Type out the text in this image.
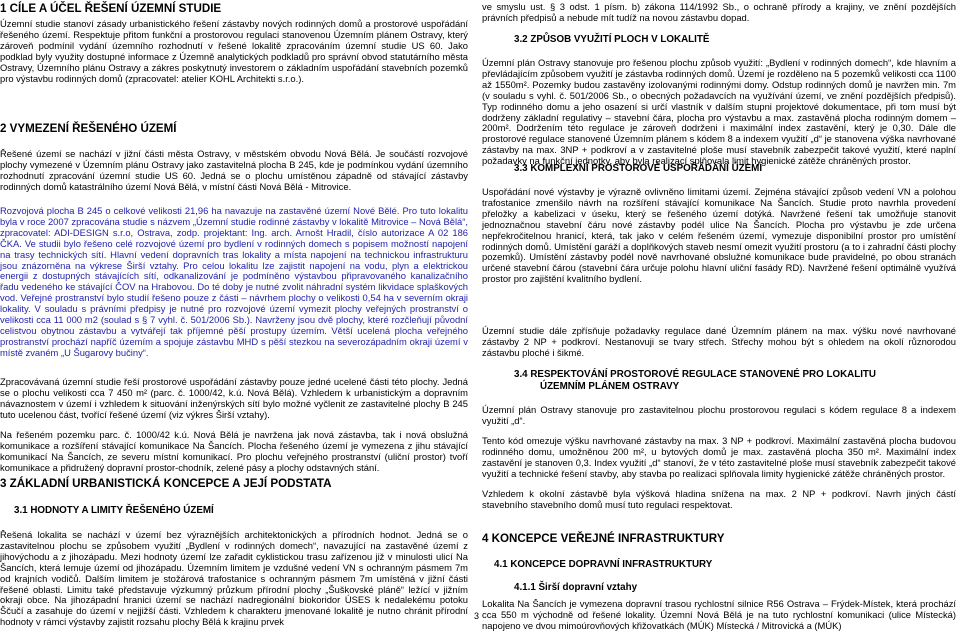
1 CÍLE A ÚČEL ŘEŠENÍ ÚZEMNÍ STUDIE

Územní studie stanoví zásady urbanistického řešení zástavby nových rodinných domů a prostorové uspořádání řešeného území. Respektuje přitom funkční a prostorovou regulaci stanovenou Územním plánem Ostravy, který zároveň podmínil vydání územního rozhodnutí v řešené lokalitě zpracováním územní studie US 60. Jako podklad byly využity dostupné informace z Územně analytických podkladů pro správní obvod statutárního města Ostravy, Územního plánu Ostravy a zákres poskytnutý investorem o základním uspořádání stavebních pozemků pro výstavbu rodinných domů (zpracovatel: atelier KOHL Architekti s.r.o.).

2 VYMEZENÍ ŘEŠENÉHO ÚZEMÍ

Řešené území se nachází v jižní části města Ostravy, v městském obvodu Nová Bělá. Je součástí rozvojové plochy vymezené v Územním plánu Ostravy jako zastavitelná plocha B 245, kde je podmínkou vydání územního rozhodnutí zpracování územní studie US 60. Jedná se o plochu umístěnou západně od stávající zástavby rodinných domů katastrálního území Nová Bělá, v místní části Nová Bělá - Mitrovice.

Rozvojová plocha B 245 o celkové velikosti 21,96 ha navazuje na zastavěné území Nové Bělé. Pro tuto lokalitu byla v roce 2007 zpracována studie s názvem „Územní studie rodinné zástavby v lokalitě Mitrovice – Nová Bělá“, zpracovatel: ADI-DESIGN s.r.o, Ostrava, zodp. projektant: Ing. arch. Arnošt Hradil, číslo autorizace A 02 186 ČKA. Ve studii bylo řešeno celé rozvojové území pro bydlení v rodinných domech s popisem možností napojení na trasy technických sítí. Hlavní vedení dopravních tras lokality a místa napojení na technickou infrastrukturu jsou znázorněna na výkrese Širší vztahy. Pro celou lokalitu lze zajistit napojení na vodu, plyn a elektrickou energii z dostupných stávajících sítí, odkanalizování je podmíněno výstavbou připravovaného kanalizačního řadu vedeného ke stávající ČOV na Hrabovou. Do té doby je nutné zvolit náhradní systém likvidace splaškových vod. Veřejné prostranství bylo studií řešeno pouze z části – návrhem plochy o velikosti 0,54 ha v severním okraji lokality. V souladu s právními předpisy je nutné pro rozvojové území vymezit plochy veřejných prostranství o velikosti cca 11 000 m2 (soulad s § 7 vyhl. č. 501/2006 Sb.). Navrženy jsou dvě plochy, které rozčleňují původní celistvou obytnou zástavbu a vytvářejí tak příjemné pěší prostupy územím. Větší ucelená plocha veřejného prostranství prochází napříč územím a spojuje zástavbu MHD s pěší stezkou na severozápadním okraji území v místě zvaném „U Šugarovy bučiny“.

Zpracovávaná územní studie řeší prostorové uspořádání zástavby pouze jedné ucelené části této plochy. Jedná se o plochu velikosti cca 7 450 m² (parc. č. 1000/42, k.ú. Nová Bělá). Vzhledem k urbanistickým a dopravním návaznostem v území i vzhledem k situování inženýrských sítí bylo možné vyčlenit ze zastavitelné plochy B 245 tuto ucelenou část, tvořící řešené území (viz výkres Širší vztahy).

Na řešeném pozemku parc. č. 1000/42 k.ú. Nová Bělá je navržena jak nová zástavba, tak i nová obslužná komunikace a rozšíření stávající komunikace Na Šancích. Plocha řešeného území je vymezena z jihu stávající komunikací Na Šancích, ze severu místní komunikací. Pro plochu veřejného prostranství (uliční prostor) tvoří komunikace a přidružený dopravní prostor-chodník, zelené pásy a plochy odstavných stání.

3 ZÁKLADNÍ URBANISTICKÁ KONCEPCE A JEJÍ PODSTATA

3.1 HODNOTY A LIMITY ŘEŠENÉHO ÚZEMÍ

Řešená lokalita se nachází v území bez výraznějších architektonických a přírodních hodnot. Jedná se o zastavitelnou plochu se způsobem využití „Bydlení v rodinných domech“, navazující na zastavěné území z jihovýchodu a z jihozápadu. Mezi hodnoty území lze zařadit cyklistickou trasu zařízenou již v minulosti ulicí Na Šancích, která lemuje území od jihozápadu. Územním limitem je vzdušné vedení VN s ochranným pásmem 7m od krajních vodičů. Dalším limitem je stožárová trafostanice s ochranným pásmem 7m umístěná v jižní části řešené oblasti. Limitu také představuje výzkumný průzkum přírodní plochy „Šuškovské pláně“ ležící v jižním okraji obce. Na jihozápadní hranici území se nachází nadregionální biokoridor ÚSES k nedalekému potoku Ščučí a zasahuje do území v nejjižší části. Vzhledem k charakteru jmenované lokalitě je nutno chránit přírodní hodnoty v rámci výstavby zajistit rozsahu plochy Bělá k krajinu prvek

ve smyslu ust. § 3 odst. 1 písm. b) zákona 114/1992 Sb., o ochraně přírody a krajiny, ve znění pozdějších právních předpisů a nebude mít tudíž na novou zástavbu dopad.

3.2 ZPŮSOB VYUŽITÍ PLOCH V LOKALITĚ

Územní plán Ostravy stanovuje pro řešenou plochu způsob využití: „Bydlení v rodinných domech“, kde hlavním a převládajícím způsobem využití je zástavba rodinných domů. Území je rozděleno na 5 pozemků velikosti cca 1100 až 1550m². Pozemky budou zastavěny izolovanými rodinnými domy. Odstup rodinných domů je navržen min. 7m (v souladu s vyhl. č. 501/2006 Sb., o obecných požadavcích na využívání území, ve znění pozdějších předpisů). Typ rodinného domu a jeho osazení si určí vlastník v dalším stupni projektové dokumentace, při tom musí být dodrženy základní regulativy – stavební čára, plocha pro výstavbu a max. zastavěná plocha rodinným domem – 200m². Dodržením této regulace je zároveň dodrženi i maximální index zastavění, který je 0,30. Dále dle prostorové regulace stanovené Územním plánem s kódem 8 a indexem využití „d“ je stanovena výška navrhované zástavby na max. 3NP + podkroví a v zastavitelné ploše musí stavebník zabezpečit takové využití, které naplní požadavky na funkční jednotky, aby byla realizací splňovala limit hygienické zátěže chráněných prostor.

3.3 KOMPLEXNÍ PROSTOROVÉ USPOŘÁDÁNÍ ÚZEMÍ

Uspořádání nové výstavby je výrazně ovlivněno limitami území. Zejména stávající způsob vedení VN a polohou trafostanice zmenšilo návrh na rozšíření stávající komunikace Na Šancích. Studie proto navrhla provedení přeložky a kabelizaci v úseku, který se řešeného území dotýká. Navržené řešení tak umožňuje stanovit jednoznačnou stavební čáru nové zástavby podél ulice Na Šancích. Plocha pro výstavbu je zde určena nepřekročitelnou hranicí, která, tak jako v celém řešeném území, vymezuje disponibilní prostor pro umístění rodinných domů. Umístění garáží a doplňkových staveb nesmí omezit využití prostoru (a to i zahradní části plochy pozemků). Umístění zástavby podél nově navrhované obslužné komunikace bude pravidelné, po obou stranách určené stavební čárou (stavební čára určuje polohu hlavní uliční fasády RD). Navržené řešení optimálně využívá prostor pro zajištění kvalitního bydlení.

Územní studie dále zpřísňuje požadavky regulace dané Územním plánem na max. výšku nové navrhované zástavby 2 NP + podkroví. Nestanovuji se tvary střech. Střechy mohou být s ohledem na okolí různorodou zástavbu ploché i šikmé.

3.4 RESPEKTOVÁNÍ PROSTOROVÉ REGULACE STANOVENÉ PRO LOKALITU

ÚZEMNÍM PLÁNEM OSTRAVY

Územní plán Ostravy stanovuje pro zastavitelnou plochu prostorovou regulaci s kódem regulace 8 a indexem využití „d“.

Tento kód omezuje výšku navrhované zástavby na max. 3 NP + podkroví. Maximální zastavěná plocha budovou rodinného domu, umožněnou 200 m², u bytových domů je max. zastavěná plocha 350 m². Maximální index zastavění je stanoven 0,3. Index využití „d“ stanoví, že v této zastavitelné ploše musí stavebník zabezpečit takové využití a technické řešení stavby, aby stavba po realizaci splňovala limity hygienické zátěže chráněných prostor.

Vzhledem k okolní zástavbě byla výšková hladina snížena na max. 2 NP + podkroví. Navrh jiných částí stavebního stavebního domů musí tuto regulaci respektovat.

4 KONCEPCE VEŘEJNÉ INFRASTRUKTURY

4.1 KONCEPCE DOPRAVNÍ INFRASTRUKTURY

4.1.1 Širší dopravní vztahy

Lokalita Na Šancích je vymezena dopravní trasou rychlostní silnice R56 Ostrava – Frýdek-Místek, která prochází cca 550 m východně od řešené lokality. Územní Nová Bělá je na tuto rychlostní komunikaci (ulice Místecká) napojeno ve dvou mimoúrovňových křižovatkách (MÚK) Místecká / Mitrovická a (MÚK)

3
